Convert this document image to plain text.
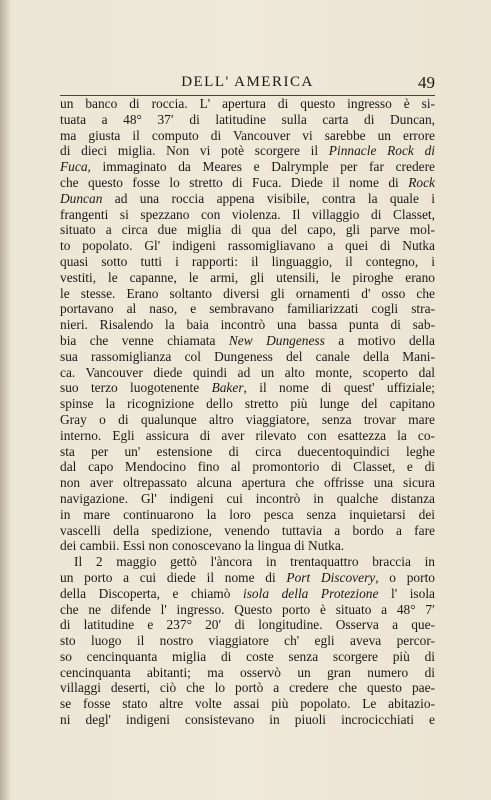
DELL' AMERICA	49
un banco di roccia. L' apertura di questo ingresso è si-
tuata a 48° 37′ di latitudine sulla carta di Duncan,
ma giusta il computo di Vancouver vi sarebbe un errore
di dieci miglia. Non vi potè scorgere il Pinnacle Rock di
Fuca, immaginato da Meares e Dalrymple per far credere
che questo fosse lo stretto di Fuca. Diede il nome di Rock
Duncan ad una roccia appena visibile, contra la quale i
frangenti si spezzano con violenza. Il villaggio di Classet,
situato a circa due miglia di qua del capo, gli parve mol-
to popolato. Gl' indigeni rassomigliavano a quei di Nutka
quasi sotto tutti i rapporti: il linguaggio, il contegno, i
vestiti, le capanne, le armi, gli utensili, le piroghe erano
le stesse. Erano soltanto diversi gli ornamenti d' osso che
portavano al naso, e sembravano familiarizzati cogli stra-
nieri. Risalendo la baia incontrò una bassa punta di sab-
bia che venne chiamata New Dungeness a motivo della
sua rassomiglianza col Dungeness del canale della Mani-
ca. Vancouver diede quindi ad un alto monte, scoperto dal
suo terzo luogotenente Baker, il nome di quest' uffiziale;
spinse la ricognizione dello stretto più lunge del capitano
Gray o di qualunque altro viaggiatore, senza trovar mare
interno. Egli assicura di aver rilevato con esattezza la co-
sta per un' estensione di circa duecentoquindici leghe
dal capo Mendocino fino al promontorio di Classet, e di
non aver oltrepassato alcuna apertura che offrisse una sicura
navigazione. Gl' indigeni cui incontrò in qualche distanza
in mare continuarono la loro pesca senza inquietarsi dei
vascelli della spedizione, venendo tuttavia a bordo a fare
dei cambii. Essi non conoscevano la lingua di Nutka.
Il 2 maggio gettò l'àncora in trentaquattro braccia in
un porto a cui diede il nome di Port Discovery, o porto
della Discoperta, e chiamò isola della Protezione l' isola
che ne difende l' ingresso. Questo porto è situato a 48° 7′
di latitudine e 237° 20′ di longitudine. Osserva a que-
sto luogo il nostro viaggiatore ch' egli aveva percor-
so cencinquanta miglia di coste senza scorgere più di
cencinquanta abitanti; ma osservò un gran numero di
villaggi deserti, ciò che lo portò a credere che questo pae-
se fosse stato altre volte assai più popolato. Le abitazio-
ni degl' indigeni consistevano in piuoli incrocicchiati e
